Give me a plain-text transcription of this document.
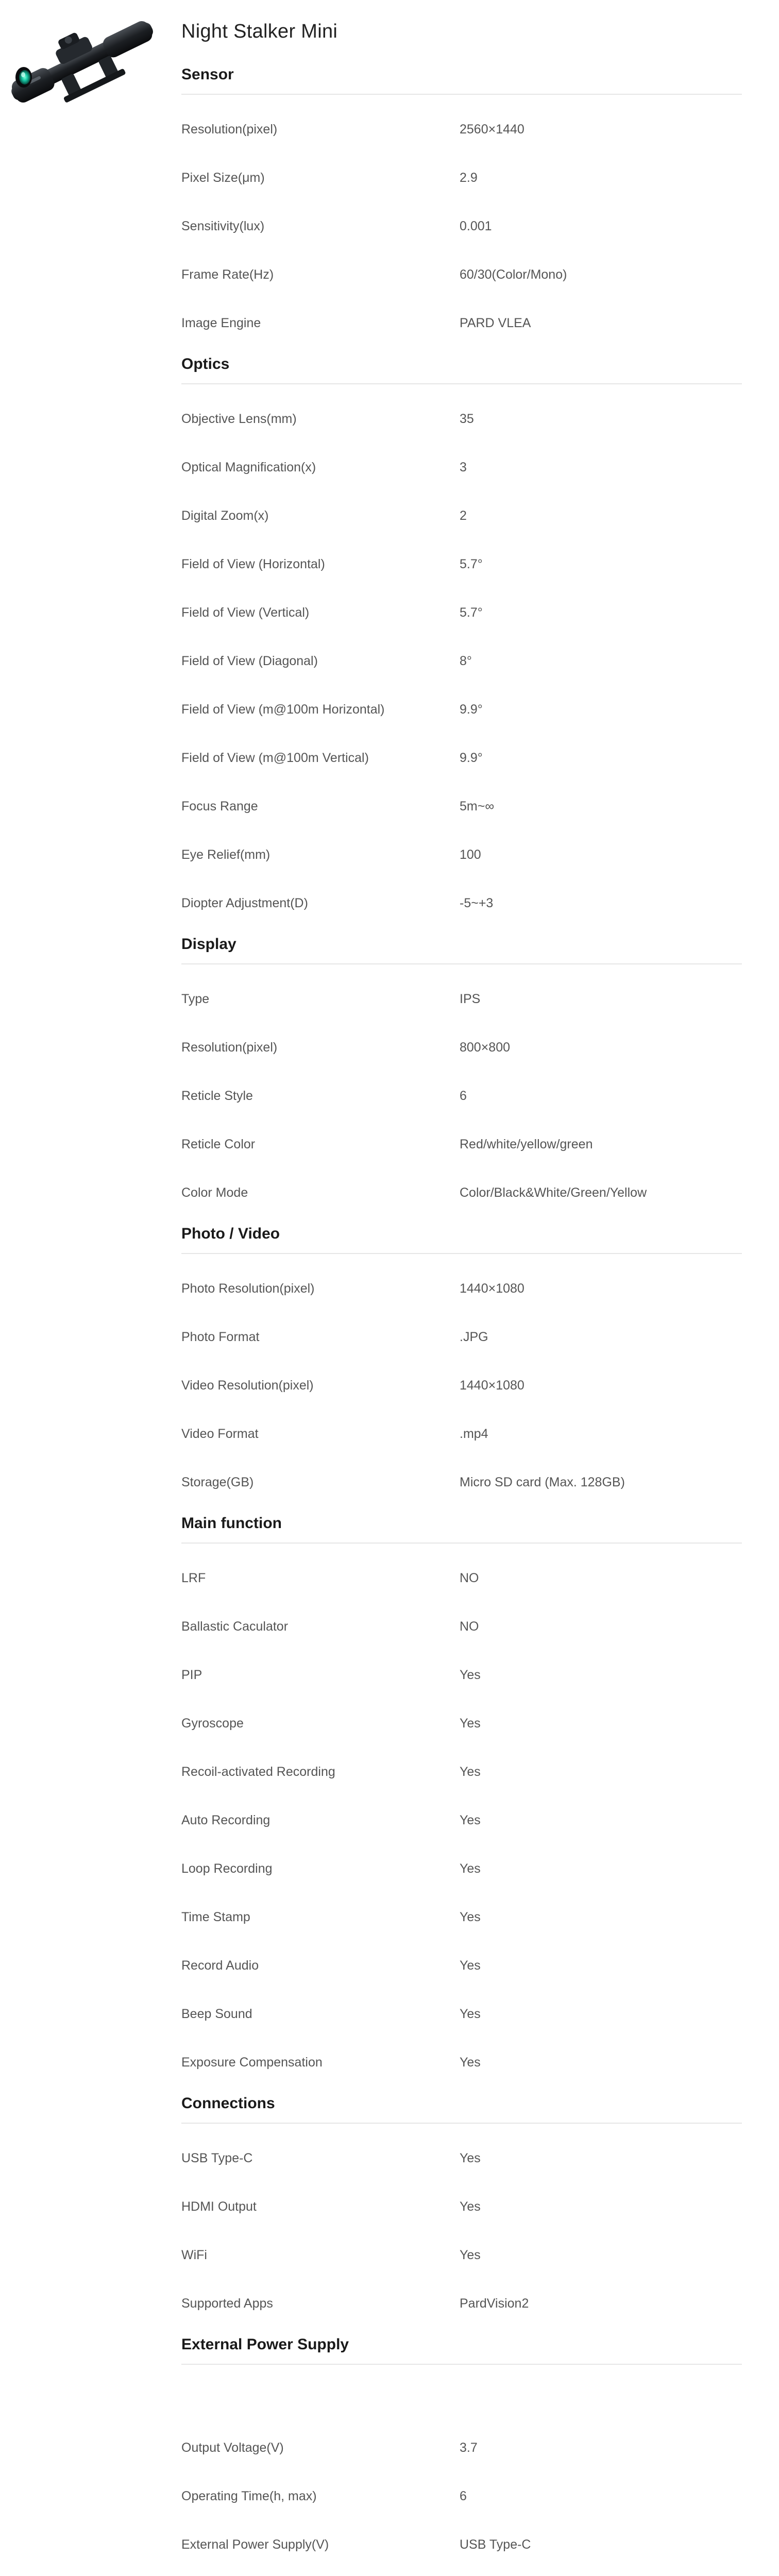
Night Stalker Mini
Sensor
Resolution(pixel)	2560×1440
Pixel Size(μm)	2.9
Sensitivity(lux)	0.001
Frame Rate(Hz)	60/30(Color/Mono)
Image Engine	PARD VLEA
Optics
Objective Lens(mm)	35
Optical Magnification(x)	3
Digital Zoom(x)	2
Field of View (Horizontal)	5.7°
Field of View (Vertical)	5.7°
Field of View (Diagonal)	8°
Field of View (m@100m Horizontal)	9.9°
Field of View (m@100m Vertical)	9.9°
Focus Range	5m~∞
Eye Relief(mm)	100
Diopter Adjustment(D)	-5~+3
Display
Type	IPS
Resolution(pixel)	800×800
Reticle Style	6
Reticle Color	Red/white/yellow/green
Color Mode	Color/Black&White/Green/Yellow
Photo / Video
Photo Resolution(pixel)	1440×1080
Photo Format	.JPG
Video Resolution(pixel)	1440×1080
Video Format	.mp4
Storage(GB)	Micro SD card (Max. 128GB)
Main function
LRF	NO
Ballastic Caculator	NO
PIP	Yes
Gyroscope	Yes
Recoil-activated Recording	Yes
Auto Recording	Yes
Loop Recording	Yes
Time Stamp	Yes
Record Audio	Yes
Beep Sound	Yes
Exposure Compensation	Yes
Connections
USB Type-C	Yes
HDMI Output	Yes
WiFi	Yes
Supported Apps	PardVision2
External Power Supply
Output Voltage(V)	3.7
Operating Time(h, max)	6
External Power Supply(V)	USB Type-C
